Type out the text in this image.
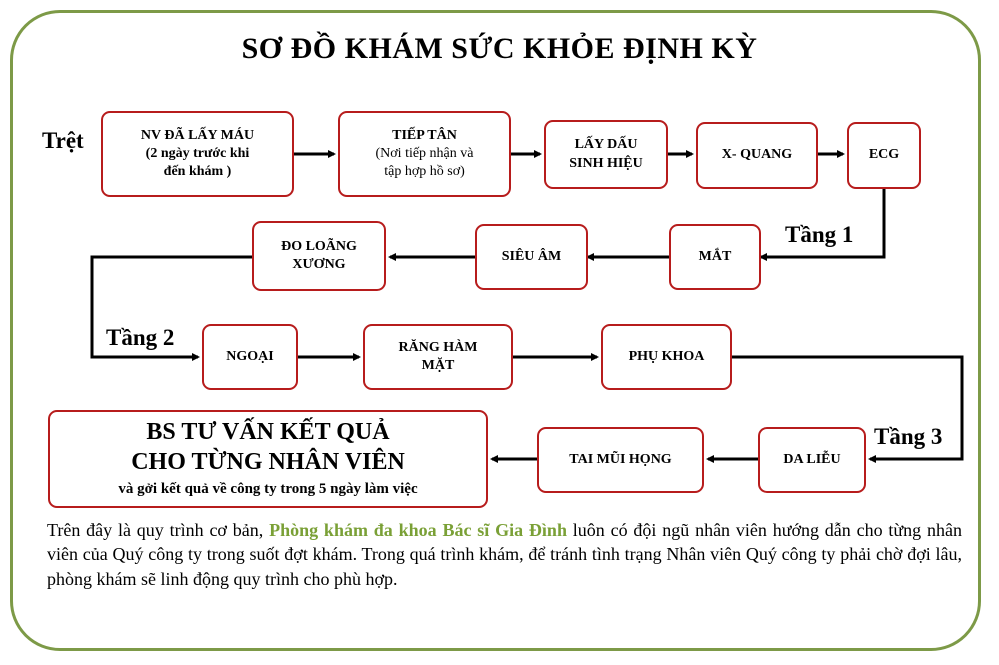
SƠ ĐỒ KHÁM SỨC KHỎE ĐỊNH KỲ
Trệt
Tầng 1
Tầng 2
Tầng 3
NV ĐÃ LẤY MÁU
(2 ngày trước khi
đến khám )
TIẾP TÂN
(Nơi tiếp nhận và
tập hợp hồ sơ)
LẤY DẤU
SINH HIỆU
X- QUANG	ECG
MẮT
SIÊU ÂM
ĐO LOÃNG
XƯƠNG
NGOẠI
RĂNG HÀM
MẶT
PHỤ KHOA
DA LIỄU
TAI MŨI HỌNG
BS TƯ VẤN KẾT QUẢ
CHO TỪNG NHÂN VIÊN
và gởi kết quả về công ty trong 5 ngày làm việc
Trên đây là quy trình cơ bản, Phòng khám đa khoa Bác sĩ Gia Đình luôn có đội ngũ nhân viên hướng dẫn cho từng nhân viên của Quý công ty trong suốt đợt khám. Trong quá trình khám, để tránh tình trạng Nhân viên Quý công ty phải chờ đợi lâu, phòng khám sẽ linh động quy trình cho phù hợp.
